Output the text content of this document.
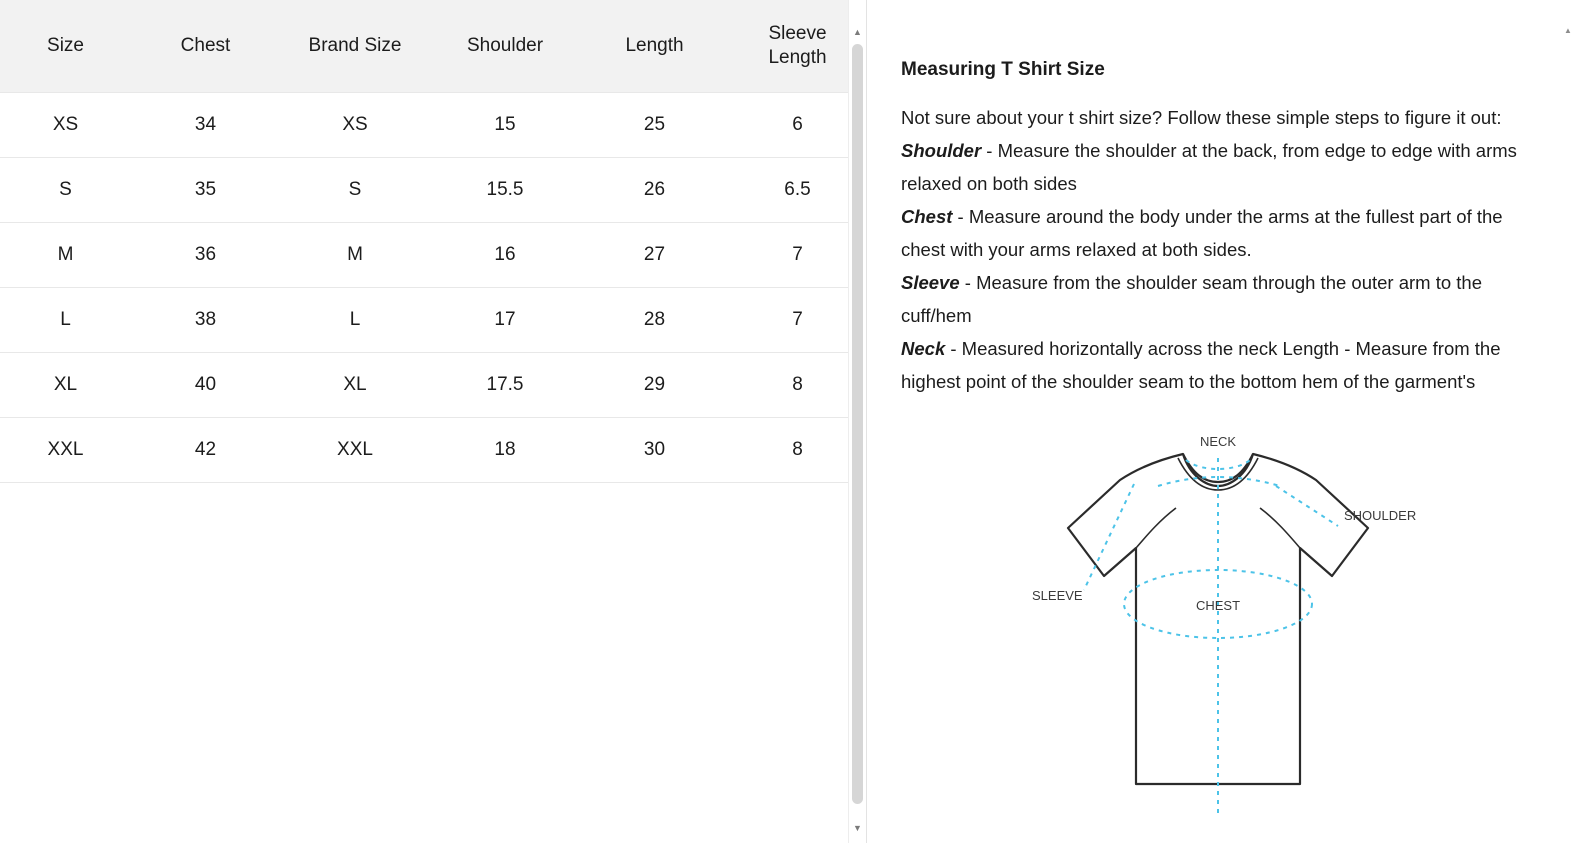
Size	Chest	Brand Size	Shoulder	Length	Sleeve Length
XS	34	XS	15	25	6
S	35	S	15.5	26	6.5
M	36	M	16	27	7
L	38	L	17	28	7
XL	40	XL	17.5	29	8
XXL	42	XXL	18	30	8
▲
▼
Measuring T Shirt Size

Not sure about your t shirt size? Follow these simple steps to figure it out:

Shoulder - Measure the shoulder at the back, from edge to edge with arms relaxed on both sides

Chest - Measure around the body under the arms at the fullest part of the chest with your arms relaxed at both sides.

Sleeve - Measure from the shoulder seam through the outer arm to the cuff/hem

Neck - Measured horizontally across the neck Length - Measure from the highest point of the shoulder seam to the bottom hem of the garment's

NECK
SHOULDER
CHEST
SLEEVE
▲
